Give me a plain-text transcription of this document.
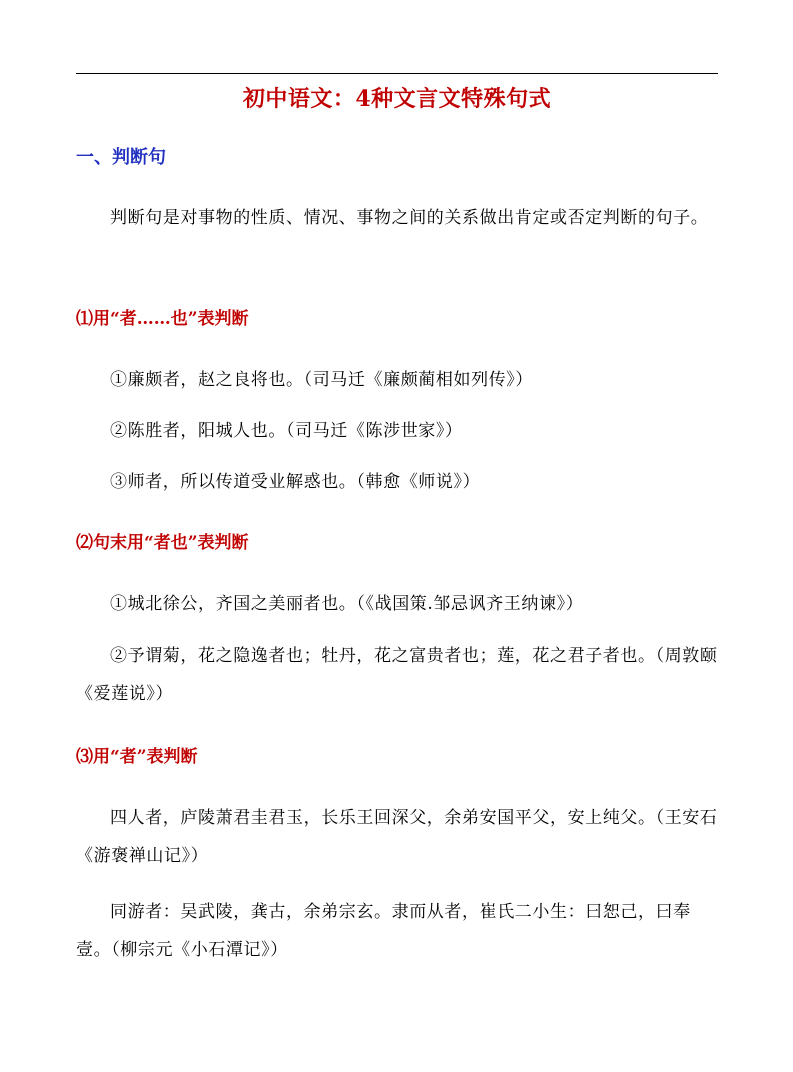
初中语文：4种文言文特殊句式
一、判断句
判断句是对事物的性质、情况、事物之间的关系做出肯定或否定判断的句子。
⑴用“者……也”表判断
①廉颇者，赵之良将也。（司马迁《廉颇蔺相如列传》）
②陈胜者，阳城人也。（司马迁《陈涉世家》）
③师者，所以传道受业解惑也。（韩愈《师说》）
⑵句末用“者也”表判断
①城北徐公，齐国之美丽者也。（《战国策.邹忌讽齐王纳谏》）
②予谓菊，花之隐逸者也；牡丹，花之富贵者也；莲，花之君子者也。（周敦颐《爱莲说》）
⑶用“者”表判断
四人者，庐陵萧君圭君玉，长乐王回深父，余弟安国平父，安上纯父。（王安石《游褒禅山记》）
同游者：吴武陵，龚古，余弟宗玄。隶而从者，崔氏二小生：曰恕己，曰奉壹。（柳宗元《小石潭记》）
